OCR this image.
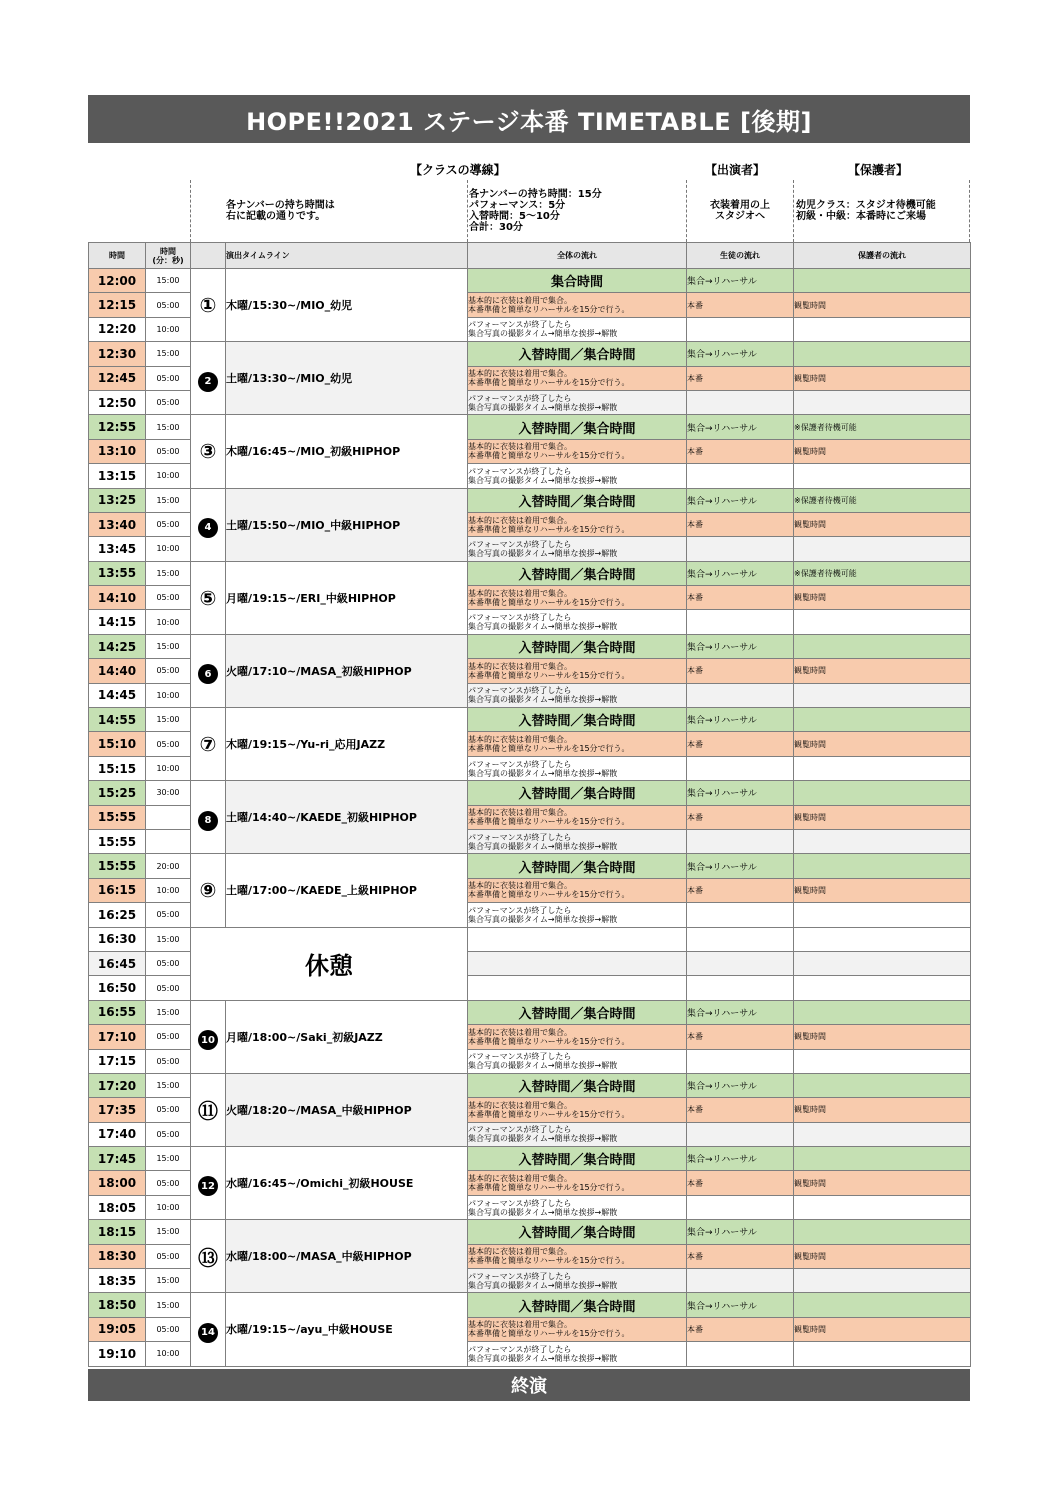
HOPE!!2021 ステージ本番 TIMETABLE [後期]
【クラスの導線】	【出演者】	【保護者】
各ナンバーの持ち時間は
右に記載の通りです。
各ナンバーの持ち時間：15分
パフォーマンス：5分
入替時間：5～10分
合計：30分
衣装着用の上
スタジオへ
幼児クラス：スタジオ待機可能
初級・中級：本番時にご来場
時間	時間
(分：秒)		演出タイムライン	全体の流れ	生徒の流れ	保護者の流れ
12:00	15:00	①	木曜/15:30~/MIO_幼児	集合時間	集合→リハーサル	
12:15	05:00			基本的に衣装は着用で集合。
本番準備と簡単なリハーサルを15分で行う。	本番	観覧時間
12:20	10:00			パフォーマンスが終了したら
集合写真の撮影タイム→簡単な挨拶→解散		
12:30	15:00	2	土曜/13:30~/MIO_幼児	入替時間／集合時間	集合→リハーサル	
12:45	05:00			基本的に衣装は着用で集合。
本番準備と簡単なリハーサルを15分で行う。	本番	観覧時間
12:50	05:00			パフォーマンスが終了したら
集合写真の撮影タイム→簡単な挨拶→解散		
12:55	15:00	③	木曜/16:45~/MIO_初級HIPHOP	入替時間／集合時間	集合→リハーサル	※保護者待機可能
13:10	05:00			基本的に衣装は着用で集合。
本番準備と簡単なリハーサルを15分で行う。	本番	観覧時間
13:15	10:00			パフォーマンスが終了したら
集合写真の撮影タイム→簡単な挨拶→解散		
13:25	15:00	4	土曜/15:50~/MIO_中級HIPHOP	入替時間／集合時間	集合→リハーサル	※保護者待機可能
13:40	05:00			基本的に衣装は着用で集合。
本番準備と簡単なリハーサルを15分で行う。	本番	観覧時間
13:45	10:00			パフォーマンスが終了したら
集合写真の撮影タイム→簡単な挨拶→解散		
13:55	15:00	⑤	月曜/19:15~/ERI_中級HIPHOP	入替時間／集合時間	集合→リハーサル	※保護者待機可能
14:10	05:00			基本的に衣装は着用で集合。
本番準備と簡単なリハーサルを15分で行う。	本番	観覧時間
14:15	10:00			パフォーマンスが終了したら
集合写真の撮影タイム→簡単な挨拶→解散		
14:25	15:00	6	火曜/17:10~/MASA_初級HIPHOP	入替時間／集合時間	集合→リハーサル	
14:40	05:00			基本的に衣装は着用で集合。
本番準備と簡単なリハーサルを15分で行う。	本番	観覧時間
14:45	10:00			パフォーマンスが終了したら
集合写真の撮影タイム→簡単な挨拶→解散		
14:55	15:00	⑦	木曜/19:15~/Yu-ri_応用JAZZ	入替時間／集合時間	集合→リハーサル	
15:10	05:00			基本的に衣装は着用で集合。
本番準備と簡単なリハーサルを15分で行う。	本番	観覧時間
15:15	10:00			パフォーマンスが終了したら
集合写真の撮影タイム→簡単な挨拶→解散		
15:25	30:00	8	土曜/14:40~/KAEDE_初級HIPHOP	入替時間／集合時間	集合→リハーサル	
15:55				基本的に衣装は着用で集合。
本番準備と簡単なリハーサルを15分で行う。	本番	観覧時間
15:55				パフォーマンスが終了したら
集合写真の撮影タイム→簡単な挨拶→解散		
15:55	20:00	⑨	土曜/17:00~/KAEDE_上級HIPHOP	入替時間／集合時間	集合→リハーサル	
16:15	10:00			基本的に衣装は着用で集合。
本番準備と簡単なリハーサルを15分で行う。	本番	観覧時間
16:25	05:00			パフォーマンスが終了したら
集合写真の撮影タイム→簡単な挨拶→解散		
16:30	15:00	休憩				
16:45	05:00					
16:50	05:00					
16:55	15:00	10	月曜/18:00~/Saki_初級JAZZ	入替時間／集合時間	集合→リハーサル	
17:10	05:00			基本的に衣装は着用で集合。
本番準備と簡単なリハーサルを15分で行う。	本番	観覧時間
17:15	05:00			パフォーマンスが終了したら
集合写真の撮影タイム→簡単な挨拶→解散		
17:20	15:00	⑪	火曜/18:20~/MASA_中級HIPHOP	入替時間／集合時間	集合→リハーサル	
17:35	05:00			基本的に衣装は着用で集合。
本番準備と簡単なリハーサルを15分で行う。	本番	観覧時間
17:40	05:00			パフォーマンスが終了したら
集合写真の撮影タイム→簡単な挨拶→解散		
17:45	15:00	12	水曜/16:45~/Omichi_初級HOUSE	入替時間／集合時間	集合→リハーサル	
18:00	05:00			基本的に衣装は着用で集合。
本番準備と簡単なリハーサルを15分で行う。	本番	観覧時間
18:05	10:00			パフォーマンスが終了したら
集合写真の撮影タイム→簡単な挨拶→解散		
18:15	15:00	⑬	水曜/18:00~/MASA_中級HIPHOP	入替時間／集合時間	集合→リハーサル	
18:30	05:00			基本的に衣装は着用で集合。
本番準備と簡単なリハーサルを15分で行う。	本番	観覧時間
18:35	15:00			パフォーマンスが終了したら
集合写真の撮影タイム→簡単な挨拶→解散		
18:50	15:00	14	水曜/19:15~/ayu_中級HOUSE	入替時間／集合時間	集合→リハーサル	
19:05	05:00			基本的に衣装は着用で集合。
本番準備と簡単なリハーサルを15分で行う。	本番	観覧時間
19:10	10:00			パフォーマンスが終了したら
集合写真の撮影タイム→簡単な挨拶→解散		
終演
